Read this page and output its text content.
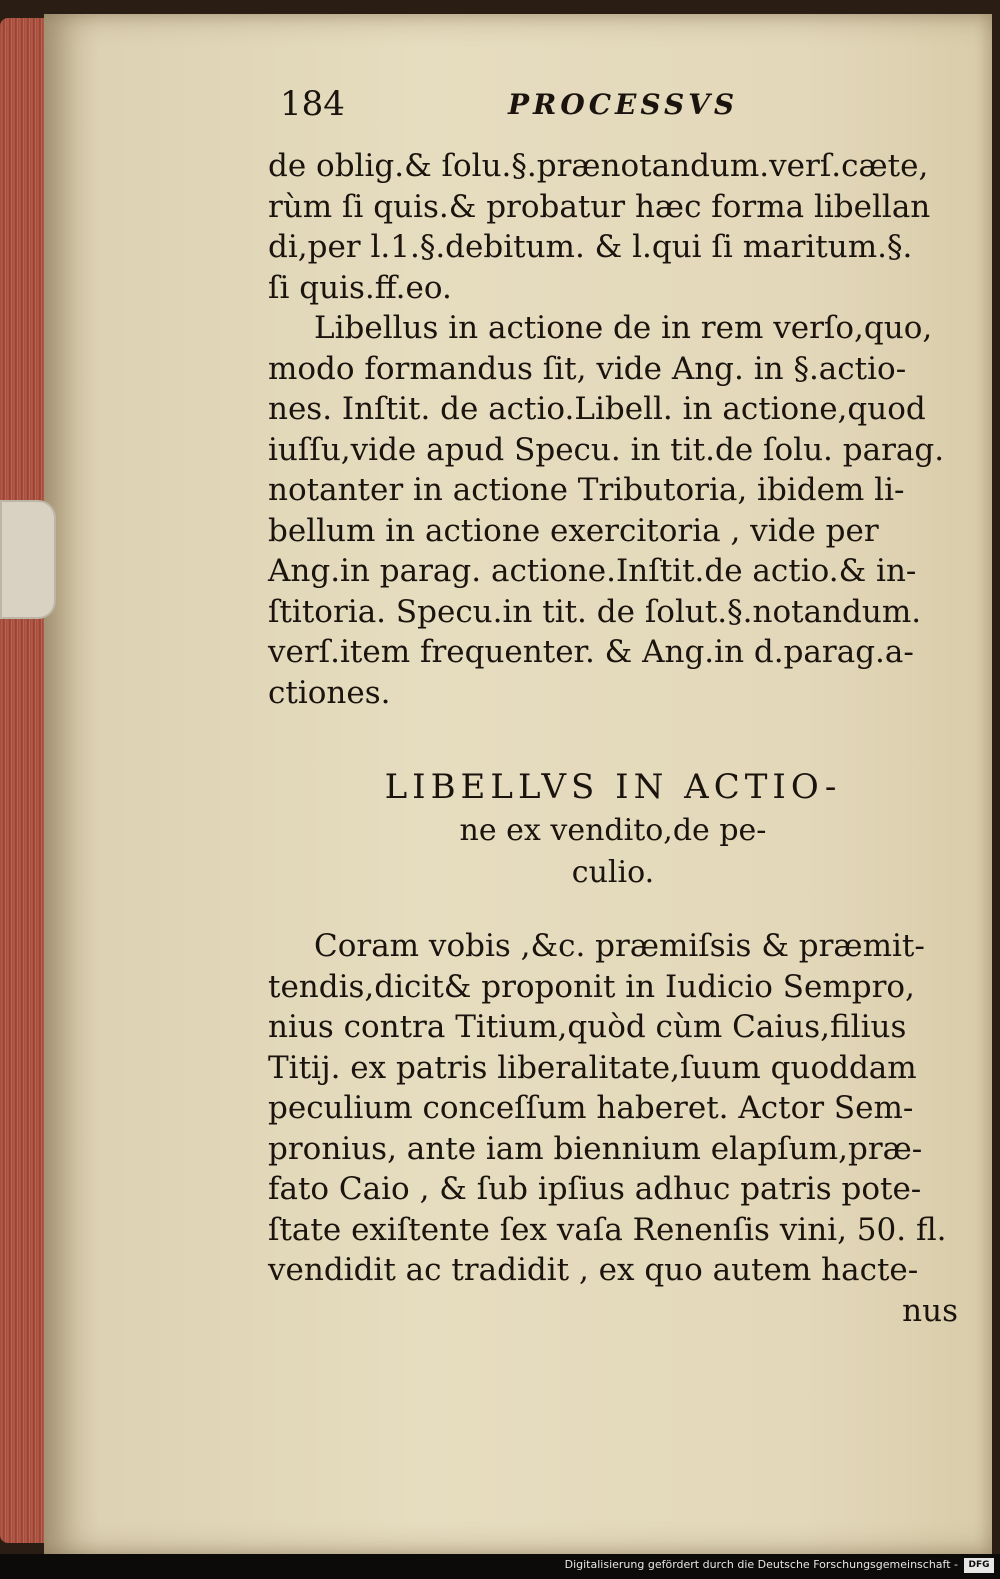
184	PROCESSVS
de oblig.& ſolu.§.prænotandum.verſ.cæte,
rùm ſi quis.& probatur hæc forma libellan
di,per l.1.§.debitum. & l.qui ſi maritum.§.
ſi quis.ff.eo.
Libellus in actione de in rem verſo,quo,
modo formandus ſit, vide Ang. in §.actio-
nes. Inſtit. de actio.Libell. in actione,quod
iuſſu,vide apud Specu. in tit.de ſolu. parag.
notanter in actione Tributoria, ibidem li-
bellum in actione exercitoria , vide per
Ang.in parag. actione.Inſtit.de actio.& in-
ſtitoria. Specu.in tit. de ſolut.§.notandum.
verſ.item frequenter. & Ang.in d.parag.a-
ctiones.
LIBELLVS IN ACTIO-
ne ex vendito,de pe-
culio.
Coram vobis ,&c. præmiſsis & præmit-
tendis,dicit& proponit in Iudicio Sempro,
nius contra Titium,quòd cùm Caius,filius
Titij. ex patris liberalitate,ſuum quoddam
peculium conceſſum haberet. Actor Sem-
pronius, ante iam biennium elapſum,præ-
fato Caio , & ſub ipſius adhuc patris pote-
ſtate exiſtente ſex vaſa Renenſis vini, 50. fl.
vendidit ac tradidit , ex quo autem hacte-
nus
Digitalisierung gefördert durch die Deutsche Forschungsgemeinschaft -	DFG
